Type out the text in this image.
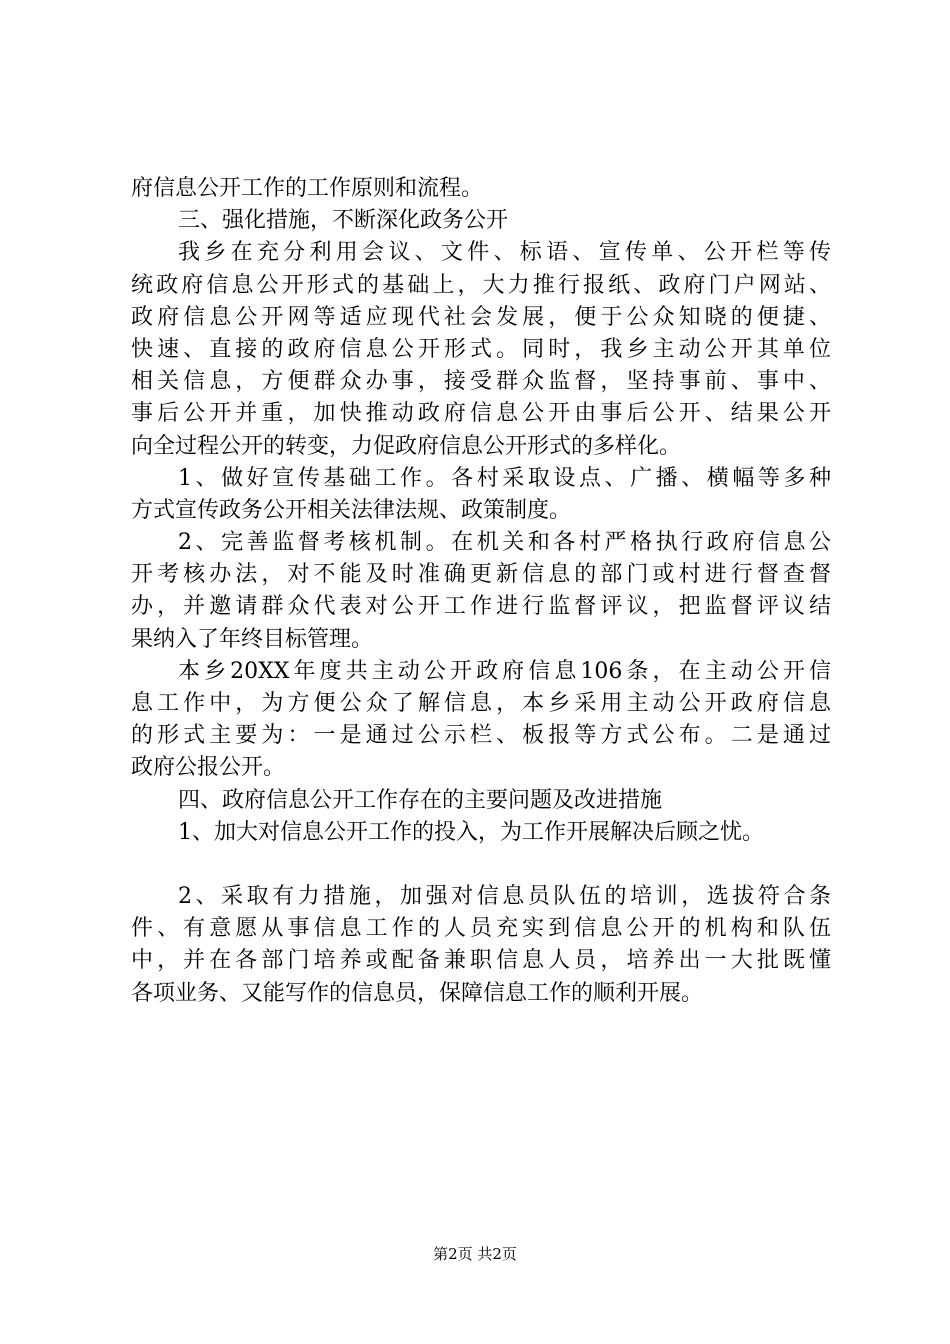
府信息公开工作的工作原则和流程。
三、强化措施，不断深化政务公开
我乡在充分利用会议、文件、标语、宣传单、公开栏等传
统政府信息公开形式的基础上，大力推行报纸、政府门户网站、
政府信息公开网等适应现代社会发展，便于公众知晓的便捷、
快速、直接的政府信息公开形式。同时，我乡主动公开其单位
相关信息，方便群众办事，接受群众监督，坚持事前、事中、
事后公开并重，加快推动政府信息公开由事后公开、结果公开
向全过程公开的转变，力促政府信息公开形式的多样化。
1、做好宣传基础工作。各村采取设点、广播、横幅等多种
方式宣传政务公开相关法律法规、政策制度。
2、完善监督考核机制。在机关和各村严格执行政府信息公
开考核办法，对不能及时准确更新信息的部门或村进行督查督
办，并邀请群众代表对公开工作进行监督评议，把监督评议结
果纳入了年终目标管理。
本乡20XX年度共主动公开政府信息106条，在主动公开信
息工作中，为方便公众了解信息，本乡采用主动公开政府信息
的形式主要为：一是通过公示栏、板报等方式公布。二是通过
政府公报公开。
四、政府信息公开工作存在的主要问题及改进措施
1、加大对信息公开工作的投入，为工作开展解决后顾之忧。
2、采取有力措施，加强对信息员队伍的培训，选拔符合条
件、有意愿从事信息工作的人员充实到信息公开的机构和队伍
中，并在各部门培养或配备兼职信息人员，培养出一大批既懂
各项业务、又能写作的信息员，保障信息工作的顺利开展。
第2页 共2页
